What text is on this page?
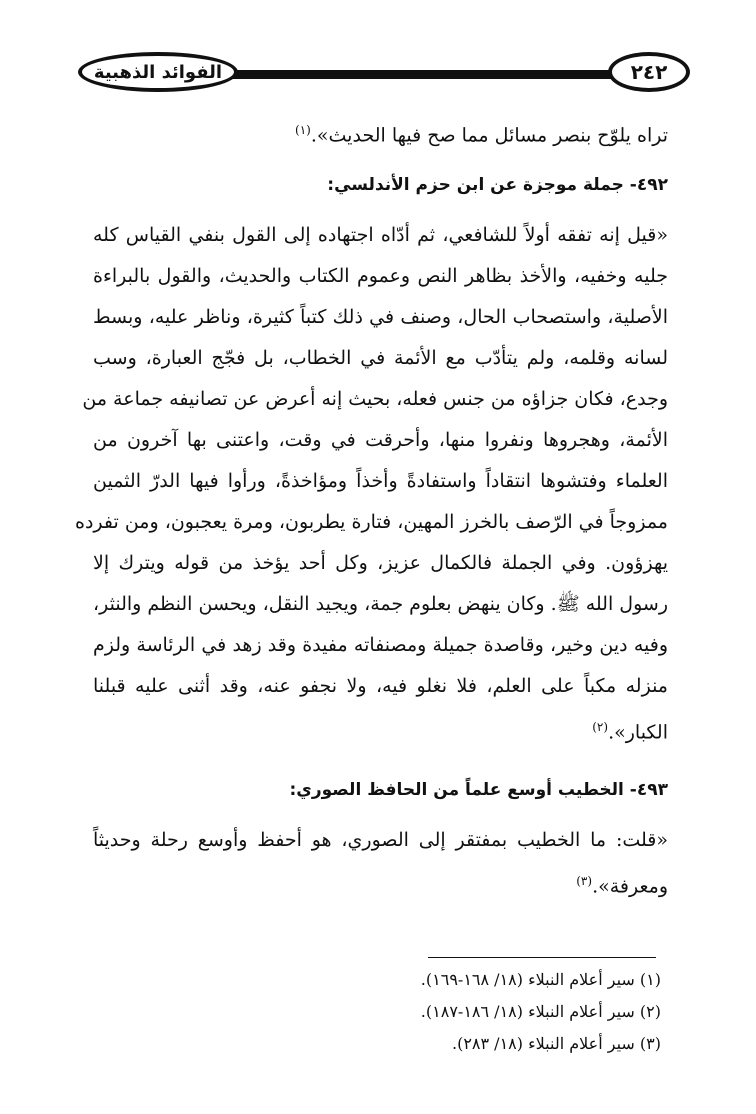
الفوائد الذهبية	٢٤٢
تراه يلوّح بنصر مسائل مما صح فيها الحديث».$^{(١)}$
٤٩٢- جملة موجزة عن ابن حزم الأندلسي:
«قيل إنه تفقه أولاً للشافعي، ثم أدّاه اجتهاده إلى القول بنفي القياس كله
جليه وخفيه، والأخذ بظاهر النص وعموم الكتاب والحديث، والقول بالبراءة
الأصلية، واستصحاب الحال، وصنف في ذلك كتباً كثيرة، وناظر عليه، وبسط
لسانه وقلمه، ولم يتأدّب مع الأئمة في الخطاب، بل فجّج العبارة، وسب
وجدع، فكان جزاؤه من جنس فعله، بحيث إنه أعرض عن تصانيفه جماعة من
الأئمة، وهجروها ونفروا منها، وأحرقت في وقت، واعتنى بها آخرون من
العلماء وفتشوها انتقاداً واستفادةً وأخذاً ومؤاخذةً، ورأوا فيها الدرّ الثمين
ممزوجاً في الرّصف بالخرز المهين، فتارة يطربون، ومرة يعجبون، ومن تفرده
يهزؤون. وفي الجملة فالكمال عزيز، وكل أحد يؤخذ من قوله ويترك إلا
رسول الله ﷺ. وكان ينهض بعلوم جمة، ويجيد النقل، ويحسن النظم والنثر،
وفيه دين وخير، وقاصدة جميلة ومصنفاته مفيدة وقد زهد في الرئاسة ولزم
منزله مكباً على العلم، فلا نغلو فيه، ولا نجفو عنه، وقد أثنى عليه قبلنا
الكبار».$^{(٢)}$
٤٩٣- الخطيب أوسع علماً من الحافظ الصوري:
«قلت: ما الخطيب بمفتقر إلى الصوري، هو أحفظ وأوسع رحلة وحديثاً
ومعرفة».$^{(٣)}$
(١) سير أعلام النبلاء (١٨/ ١٦٨-١٦٩).
(٢) سير أعلام النبلاء (١٨/ ١٨٦-١٨٧).
(٣) سير أعلام النبلاء (١٨/ ٢٨٣).
